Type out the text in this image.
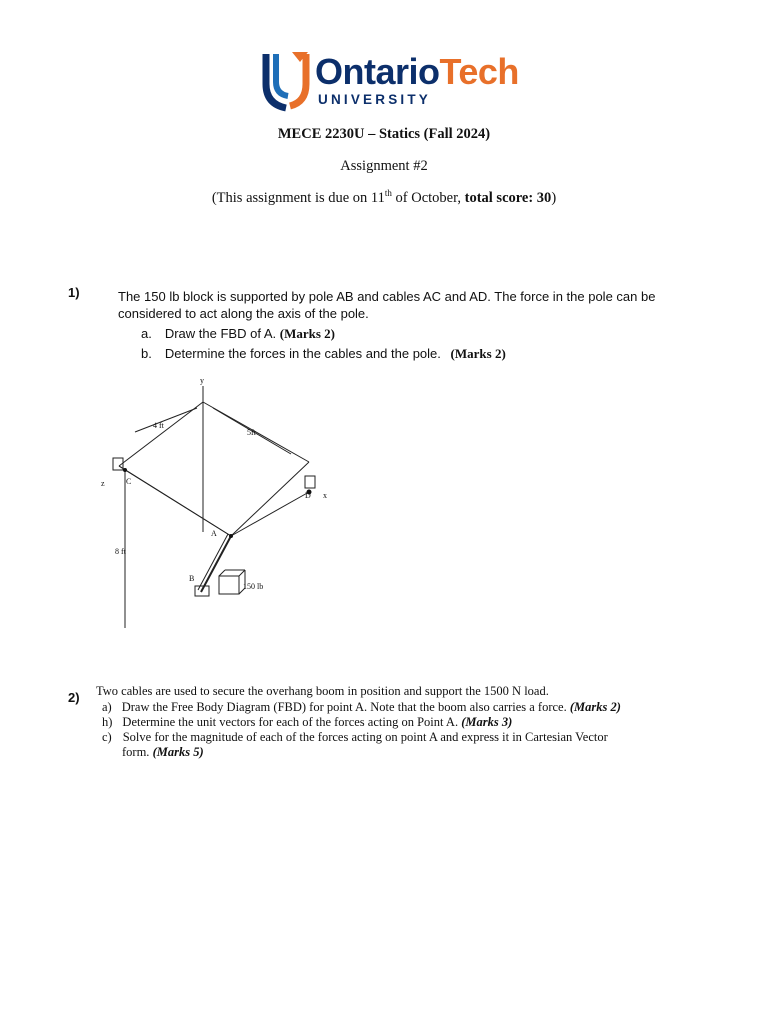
OntarioTech
UNIVERSITY
MECE 2230U – Statics (Fall 2024)
Assignment #2
(This assignment is due on 11th of October, total score: 30)
1)	The 150 lb block is supported by pole AB and cables AC and AD. The force in the pole can be
considered to act along the axis of the pole.
a. Draw the FBD of A. (Marks 2)
b. Determine the forces in the cables and the pole. (Marks 2)
y
4 ft
5ft
z	C
D x
A
8 ft
B
150 lb
2) Two cables are used to secure the overhang boom in position and support the 1500 N load.
a) Draw the Free Body Diagram (FBD) for point A. Note that the boom also carries a force. (Marks 2)
h) Determine the unit vectors for each of the forces acting on Point A. (Marks 3)
c) Solve for the magnitude of each of the forces acting on point A and express it in Cartesian Vector
form. (Marks 5)
